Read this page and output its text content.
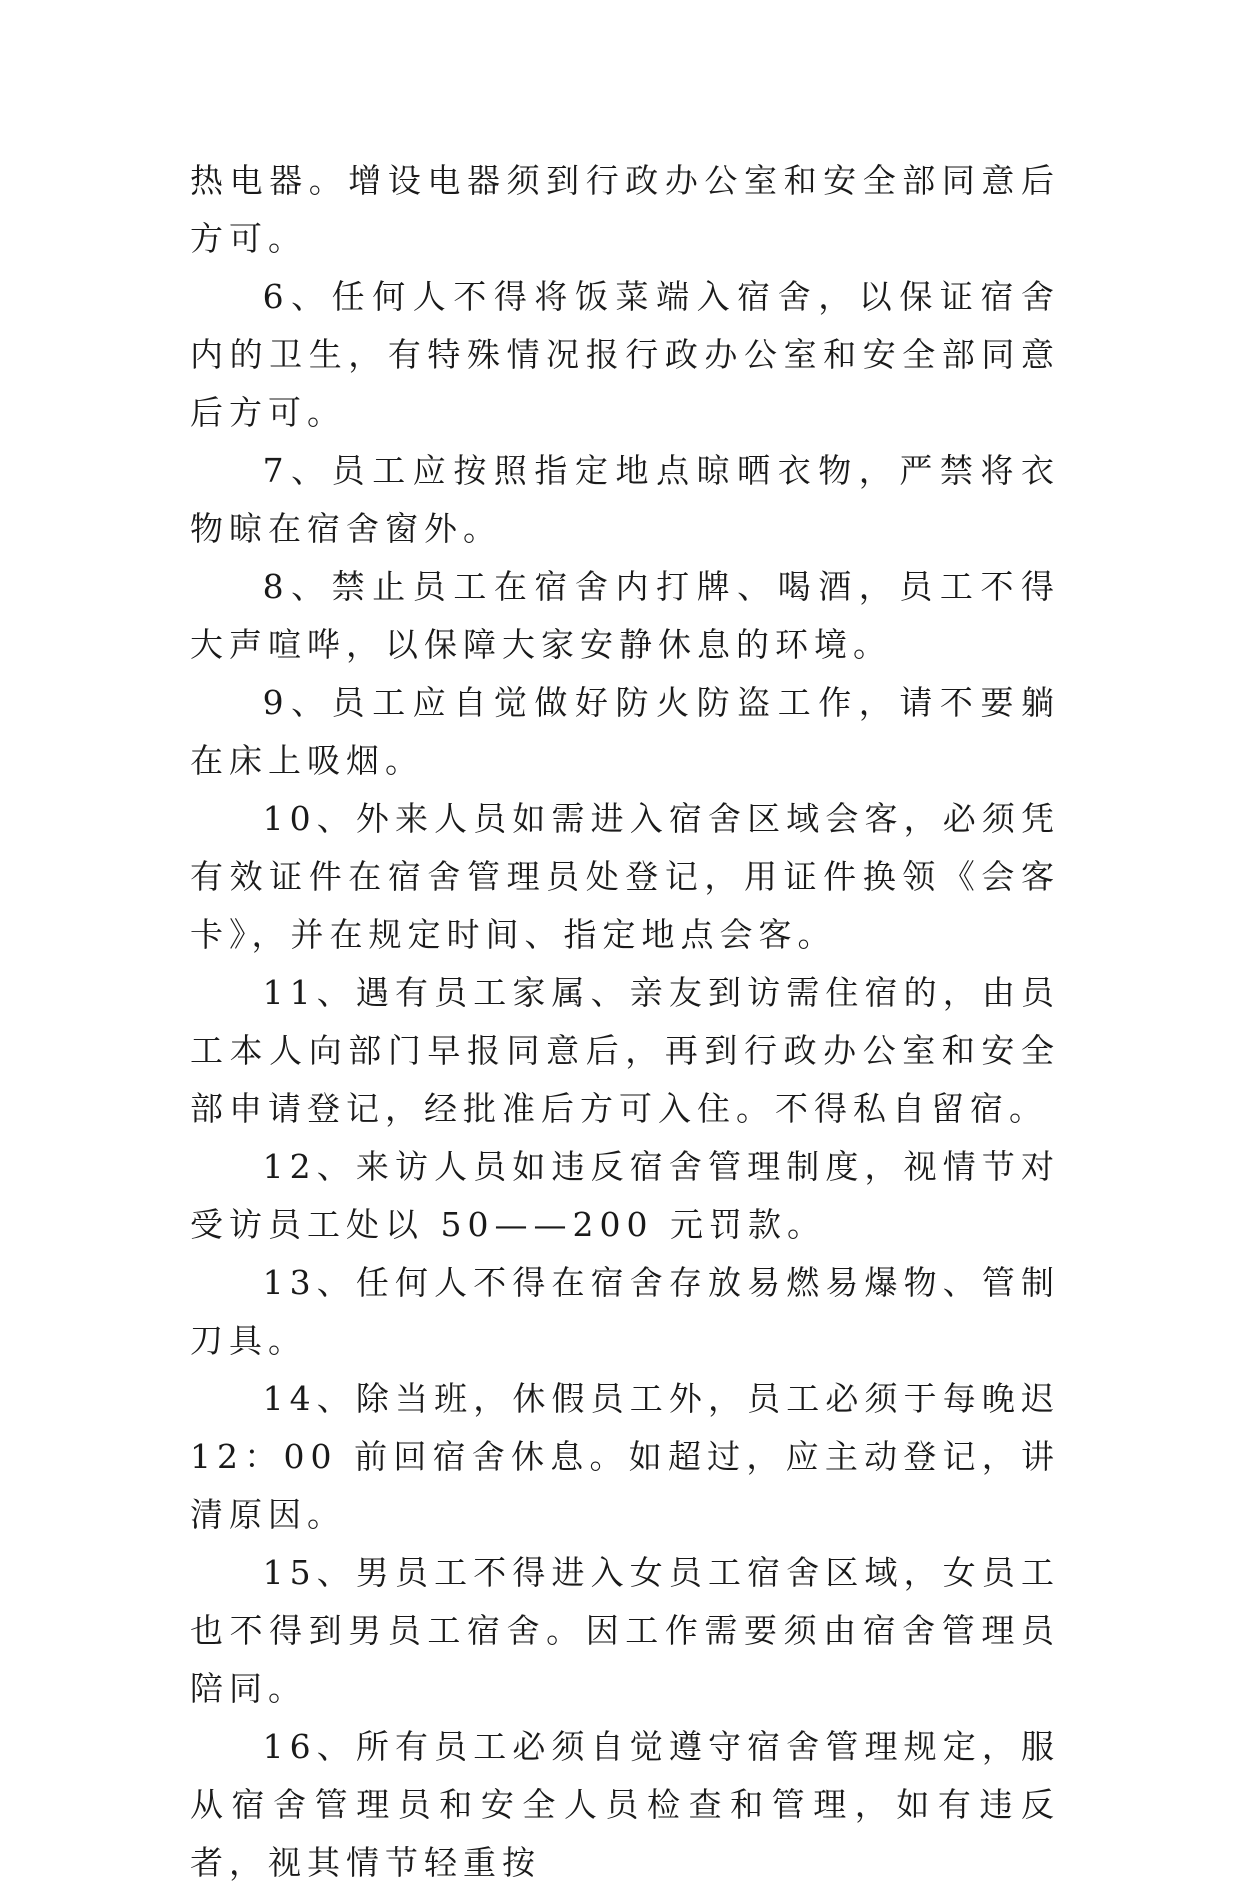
热电器。增设电器须到行政办公室和安全部同意后方可。

6、任何人不得将饭菜端入宿舍，以保证宿舍内的卫生，有特殊情况报行政办公室和安全部同意后方可。

7、员工应按照指定地点晾晒衣物，严禁将衣物晾在宿舍窗外。

8、禁止员工在宿舍内打牌、喝酒，员工不得大声喧哗，以保障大家安静休息的环境。

9、员工应自觉做好防火防盗工作，请不要躺在床上吸烟。

10、外来人员如需进入宿舍区域会客，必须凭有效证件在宿舍管理员处登记，用证件换领《会客卡》，并在规定时间、指定地点会客。

11、遇有员工家属、亲友到访需住宿的，由员工本人向部门早报同意后，再到行政办公室和安全部申请登记，经批准后方可入住。不得私自留宿。

12、来访人员如违反宿舍管理制度，视情节对受访员工处以 50——200 元罚款。

13、任何人不得在宿舍存放易燃易爆物、管制刀具。

14、除当班，休假员工外，员工必须于每晚迟 12：00 前回宿舍休息。如超过，应主动登记，讲清原因。

15、男员工不得进入女员工宿舍区域，女员工也不得到男员工宿舍。因工作需要须由宿舍管理员陪同。

16、所有员工必须自觉遵守宿舍管理规定，服从宿舍管理员和安全人员检查和管理，如有违反者，视其情节轻重按
